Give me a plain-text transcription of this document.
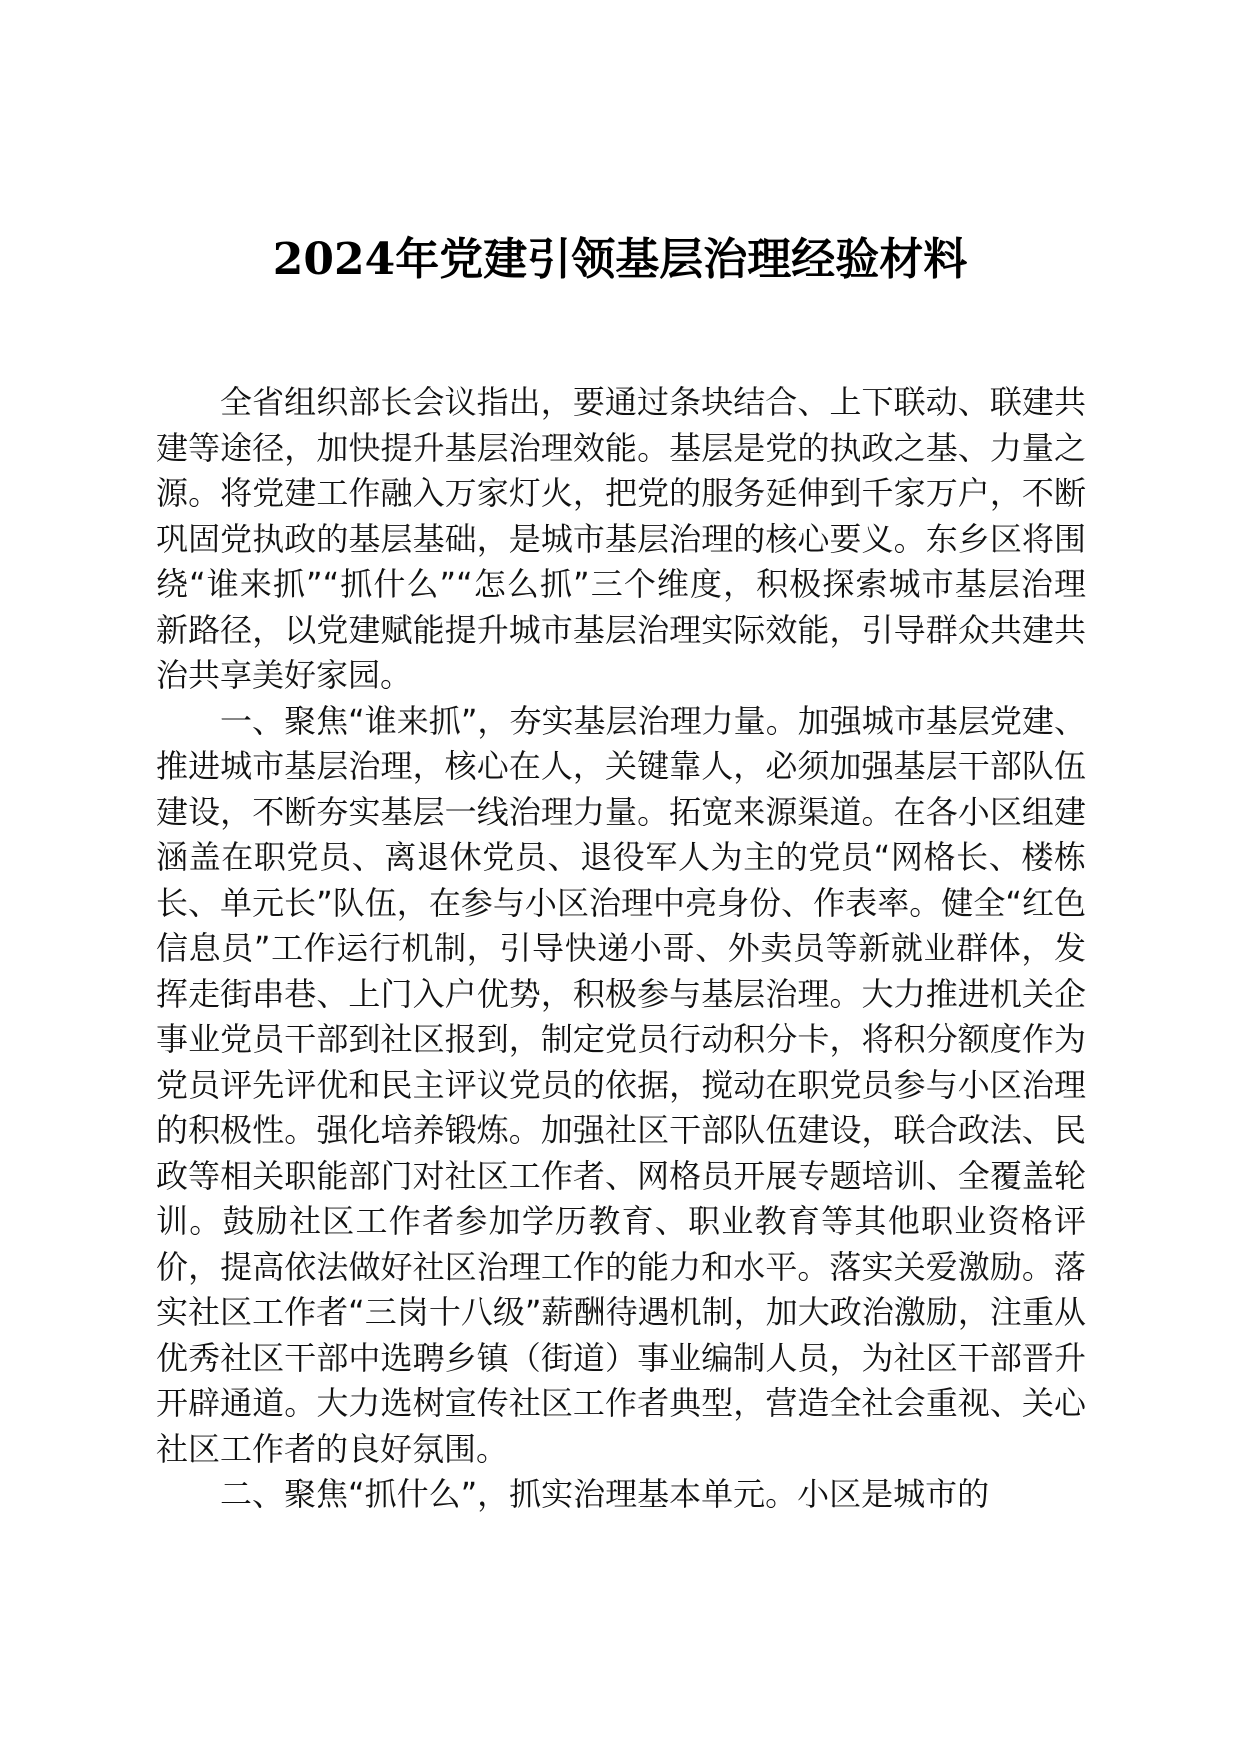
2024年党建引领基层治理经验材料

全省组织部长会议指出，要通过条块结合、上下联动、联建共建等途径，加快提升基层治理效能。基层是党的执政之基、力量之源。将党建工作融入万家灯火，把党的服务延伸到千家万户，不断巩固党执政的基层基础，是城市基层治理的核心要义。东乡区将围绕“谁来抓”“抓什么”“怎么抓”三个维度，积极探索城市基层治理新路径，以党建赋能提升城市基层治理实际效能，引导群众共建共治共享美好家园。

一、聚焦“谁来抓”，夯实基层治理力量。加强城市基层党建、推进城市基层治理，核心在人，关键靠人，必须加强基层干部队伍建设，不断夯实基层一线治理力量。拓宽来源渠道。在各小区组建涵盖在职党员、离退休党员、退役军人为主的党员“网格长、楼栋长、单元长”队伍，在参与小区治理中亮身份、作表率。健全“红色信息员”工作运行机制，引导快递小哥、外卖员等新就业群体，发挥走街串巷、上门入户优势，积极参与基层治理。大力推进机关企事业党员干部到社区报到，制定党员行动积分卡，将积分额度作为党员评先评优和民主评议党员的依据，搅动在职党员参与小区治理的积极性。强化培养锻炼。加强社区干部队伍建设，联合政法、民政等相关职能部门对社区工作者、网格员开展专题培训、全覆盖轮训。鼓励社区工作者参加学历教育、职业教育等其他职业资格评价，提高依法做好社区治理工作的能力和水平。落实关爱激励。落实社区工作者“三岗十八级”薪酬待遇机制，加大政治激励，注重从优秀社区干部中选聘乡镇（街道）事业编制人员，为社区干部晋升开辟通道。大力选树宣传社区工作者典型，营造全社会重视、关心社区工作者的良好氛围。

二、聚焦“抓什么”，抓实治理基本单元。小区是城市的
